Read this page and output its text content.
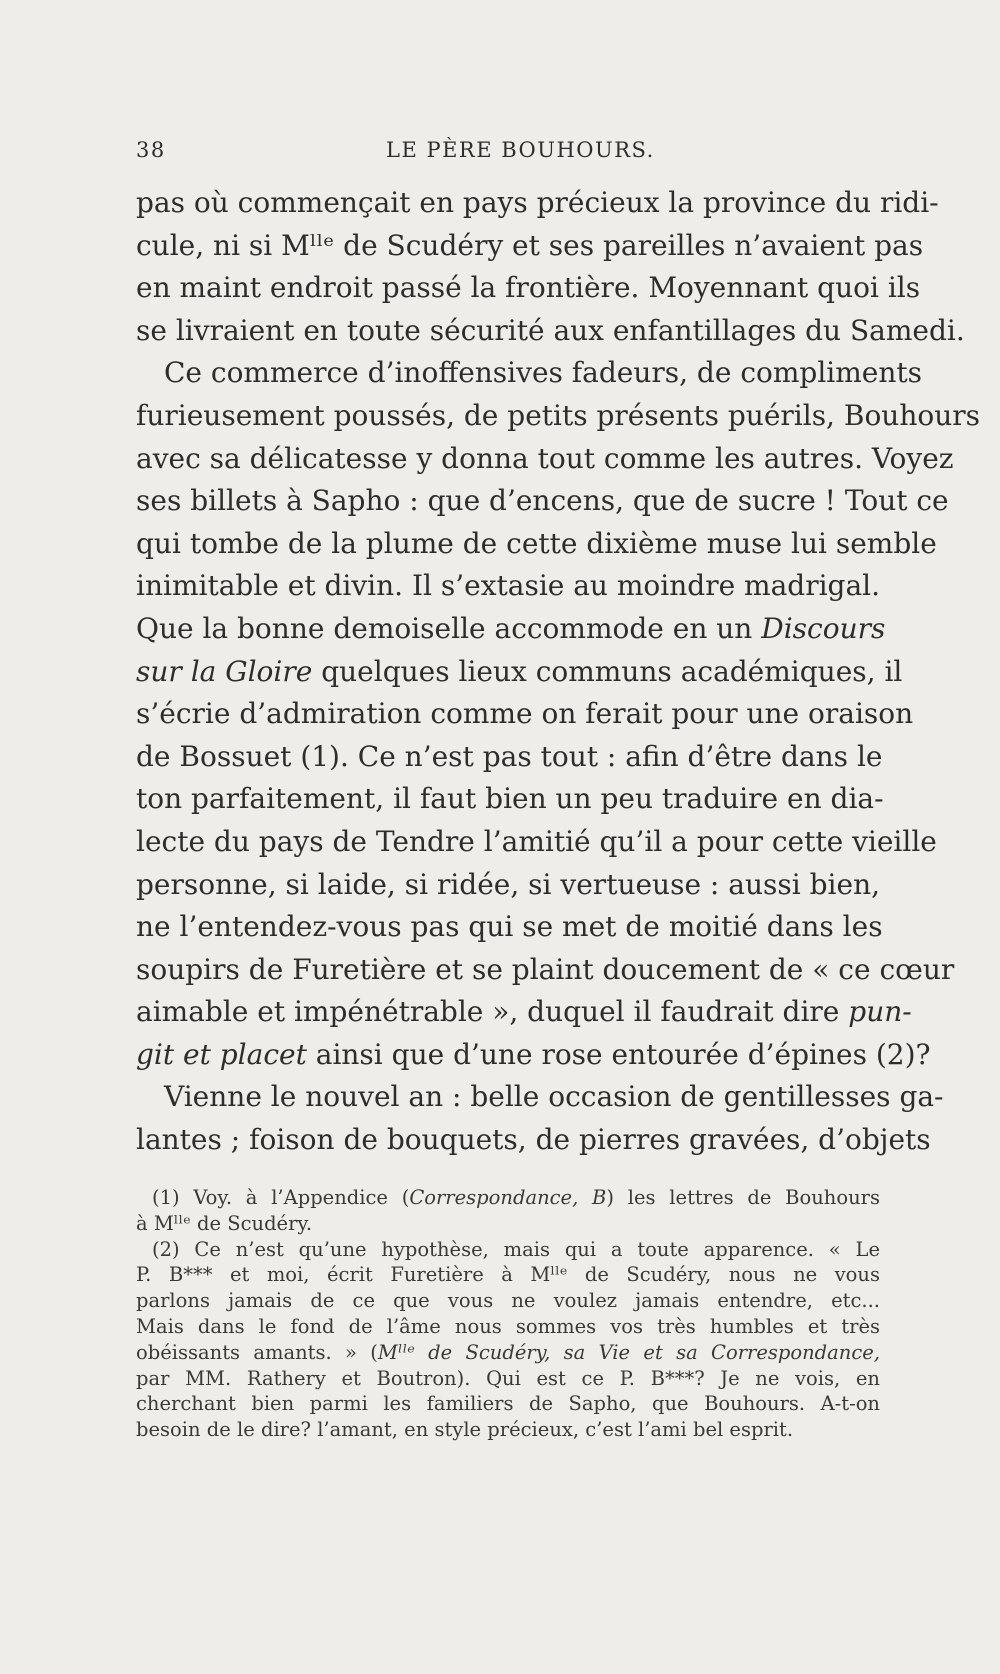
38	LE PÈRE BOUHOURS.
pas où commençait en pays précieux la province du ridi-
cule, ni si Mˡˡᵉ de Scudéry et ses pareilles n’avaient pas
en maint endroit passé la frontière. Moyennant quoi ils
se livraient en toute sécurité aux enfantillages du Samedi.
Ce commerce d’inoffensives fadeurs, de compliments
furieusement poussés, de petits présents puérils, Bouhours
avec sa délicatesse y donna tout comme les autres. Voyez
ses billets à Sapho : que d’encens, que de sucre ! Tout ce
qui tombe de la plume de cette dixième muse lui semble
inimitable et divin. Il s’extasie au moindre madrigal.
Que la bonne demoiselle accommode en un Discours
sur la Gloire quelques lieux communs académiques, il
s’écrie d’admiration comme on ferait pour une oraison
de Bossuet (1). Ce n’est pas tout : afin d’être dans le
ton parfaitement, il faut bien un peu traduire en dia-
lecte du pays de Tendre l’amitié qu’il a pour cette vieille
personne, si laide, si ridée, si vertueuse : aussi bien,
ne l’entendez-vous pas qui se met de moitié dans les
soupirs de Furetière et se plaint doucement de « ce cœur
aimable et impénétrable », duquel il faudrait dire pun-
git et placet ainsi que d’une rose entourée d’épines (2)?
Vienne le nouvel an : belle occasion de gentillesses ga-
lantes ; foison de bouquets, de pierres gravées, d’objets
(1) Voy. à l’Appendice (Correspondance, B) les lettres de Bouhours
à Mˡˡᵉ de Scudéry.
(2) Ce n’est qu’une hypothèse, mais qui a toute apparence. « Le
P. B*** et moi, écrit Furetière à Mˡˡᵉ de Scudéry, nous ne vous
parlons jamais de ce que vous ne voulez jamais entendre, etc...
Mais dans le fond de l’âme nous sommes vos très humbles et très
obéissants amants. » (Mˡˡᵉ de Scudéry, sa Vie et sa Correspondance,
par MM. Rathery et Boutron). Qui est ce P. B***? Je ne vois, en
cherchant bien parmi les familiers de Sapho, que Bouhours. A-t-on
besoin de le dire? l’amant, en style précieux, c’est l’ami bel esprit.
